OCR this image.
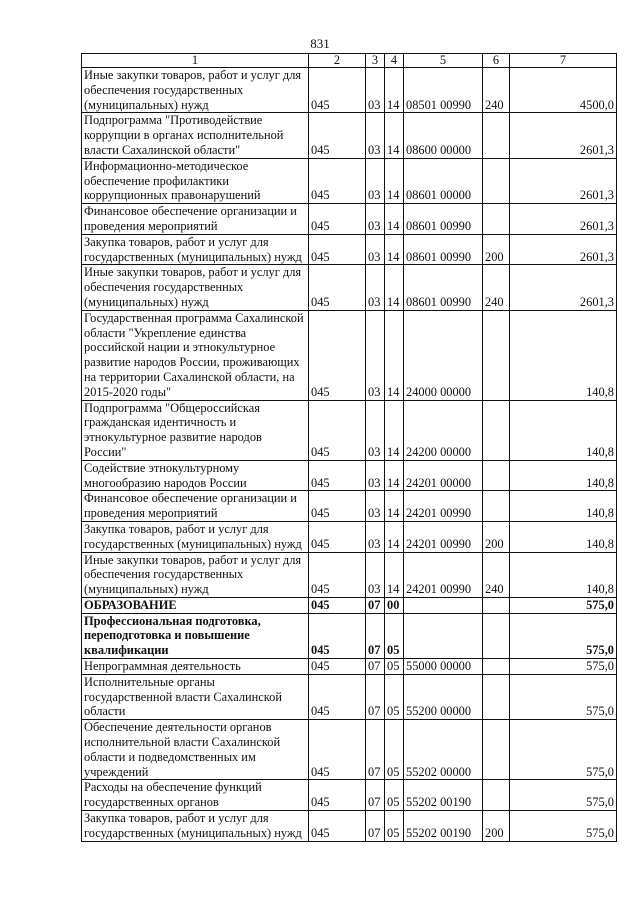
831
1	2	3	4	5	6	7
Иные закупки товаров, работ и услуг для обеспечения государственных (муниципальных) нужд	045	03	14	08501 00990	240	4500,0
Подпрограмма "Противодействие коррупции в органах исполнительной власти Сахалинской области"	045	03	14	08600 00000		2601,3
Информационно-методическое обеспечение профилактики коррупционных правонарушений	045	03	14	08601 00000		2601,3
Финансовое обеспечение организации и проведения мероприятий	045	03	14	08601 00990		2601,3
Закупка товаров, работ и услуг для государственных (муниципальных) нужд	045	03	14	08601 00990	200	2601,3
Иные закупки товаров, работ и услуг для обеспечения государственных (муниципальных) нужд	045	03	14	08601 00990	240	2601,3
Государственная программа Сахалинской области "Укрепление единства российской нации и этнокультурное развитие народов России, проживающих на территории Сахалинской области, на 2015-2020 годы"	045	03	14	24000 00000		140,8
Подпрограмма "Общероссийская гражданская идентичность и этнокультурное развитие народов России"	045	03	14	24200 00000		140,8
Содействие этнокультурному многообразию народов России	045	03	14	24201 00000		140,8
Финансовое обеспечение организации и проведения мероприятий	045	03	14	24201 00990		140,8
Закупка товаров, работ и услуг для государственных (муниципальных) нужд	045	03	14	24201 00990	200	140,8
Иные закупки товаров, работ и услуг для обеспечения государственных (муниципальных) нужд	045	03	14	24201 00990	240	140,8
ОБРАЗОВАНИЕ	045	07	00			575,0
Профессиональная подготовка, переподготовка и повышение квалификации	045	07	05			575,0
Непрограммная деятельность	045	07	05	55000 00000		575,0
Исполнительные органы государственной власти Сахалинской области	045	07	05	55200 00000		575,0
Обеспечение деятельности органов исполнительной власти Сахалинской области и подведомственных им учреждений	045	07	05	55202 00000		575,0
Расходы на обеспечение функций государственных органов	045	07	05	55202 00190		575,0
Закупка товаров, работ и услуг для государственных (муниципальных) нужд	045	07	05	55202 00190	200	575,0
